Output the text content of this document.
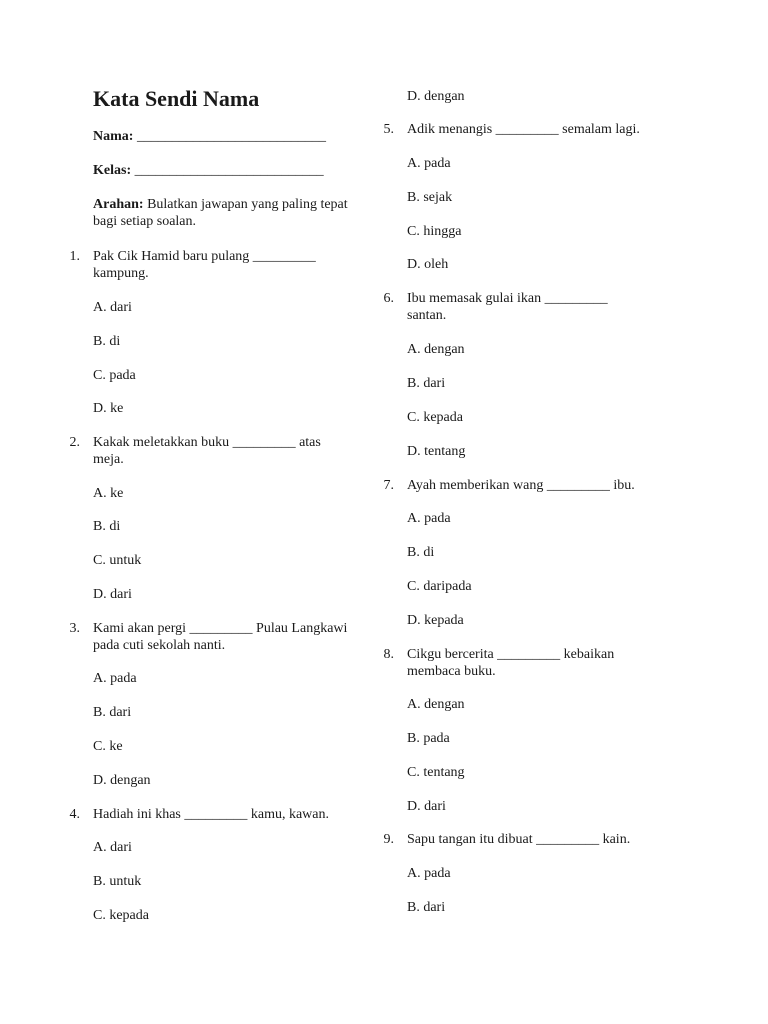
Kata Sendi Nama
Nama: ___________________________
Kelas: ___________________________
Arahan: Bulatkan jawapan yang paling tepat bagi setiap soalan.
1. Pak Cik Hamid baru pulang _________ kampung.
A. dari
B. di
C. pada
D. ke
2. Kakak meletakkan buku _________ atas meja.
A. ke
B. di
C. untuk
D. dari
3. Kami akan pergi _________ Pulau Langkawi pada cuti sekolah nanti.
A. pada
B. dari
C. ke
D. dengan
4. Hadiah ini khas _________ kamu, kawan.
A. dari
B. untuk
C. kepada
D. dengan
5. Adik menangis _________ semalam lagi.
A. pada
B. sejak
C. hingga
D. oleh
6. Ibu memasak gulai ikan _________ santan.
A. dengan
B. dari
C. kepada
D. tentang
7. Ayah memberikan wang _________ ibu.
A. pada
B. di
C. daripada
D. kepada
8. Cikgu bercerita _________ kebaikan membaca buku.
A. dengan
B. pada
C. tentang
D. dari
9. Sapu tangan itu dibuat _________ kain.
A. pada
B. dari
